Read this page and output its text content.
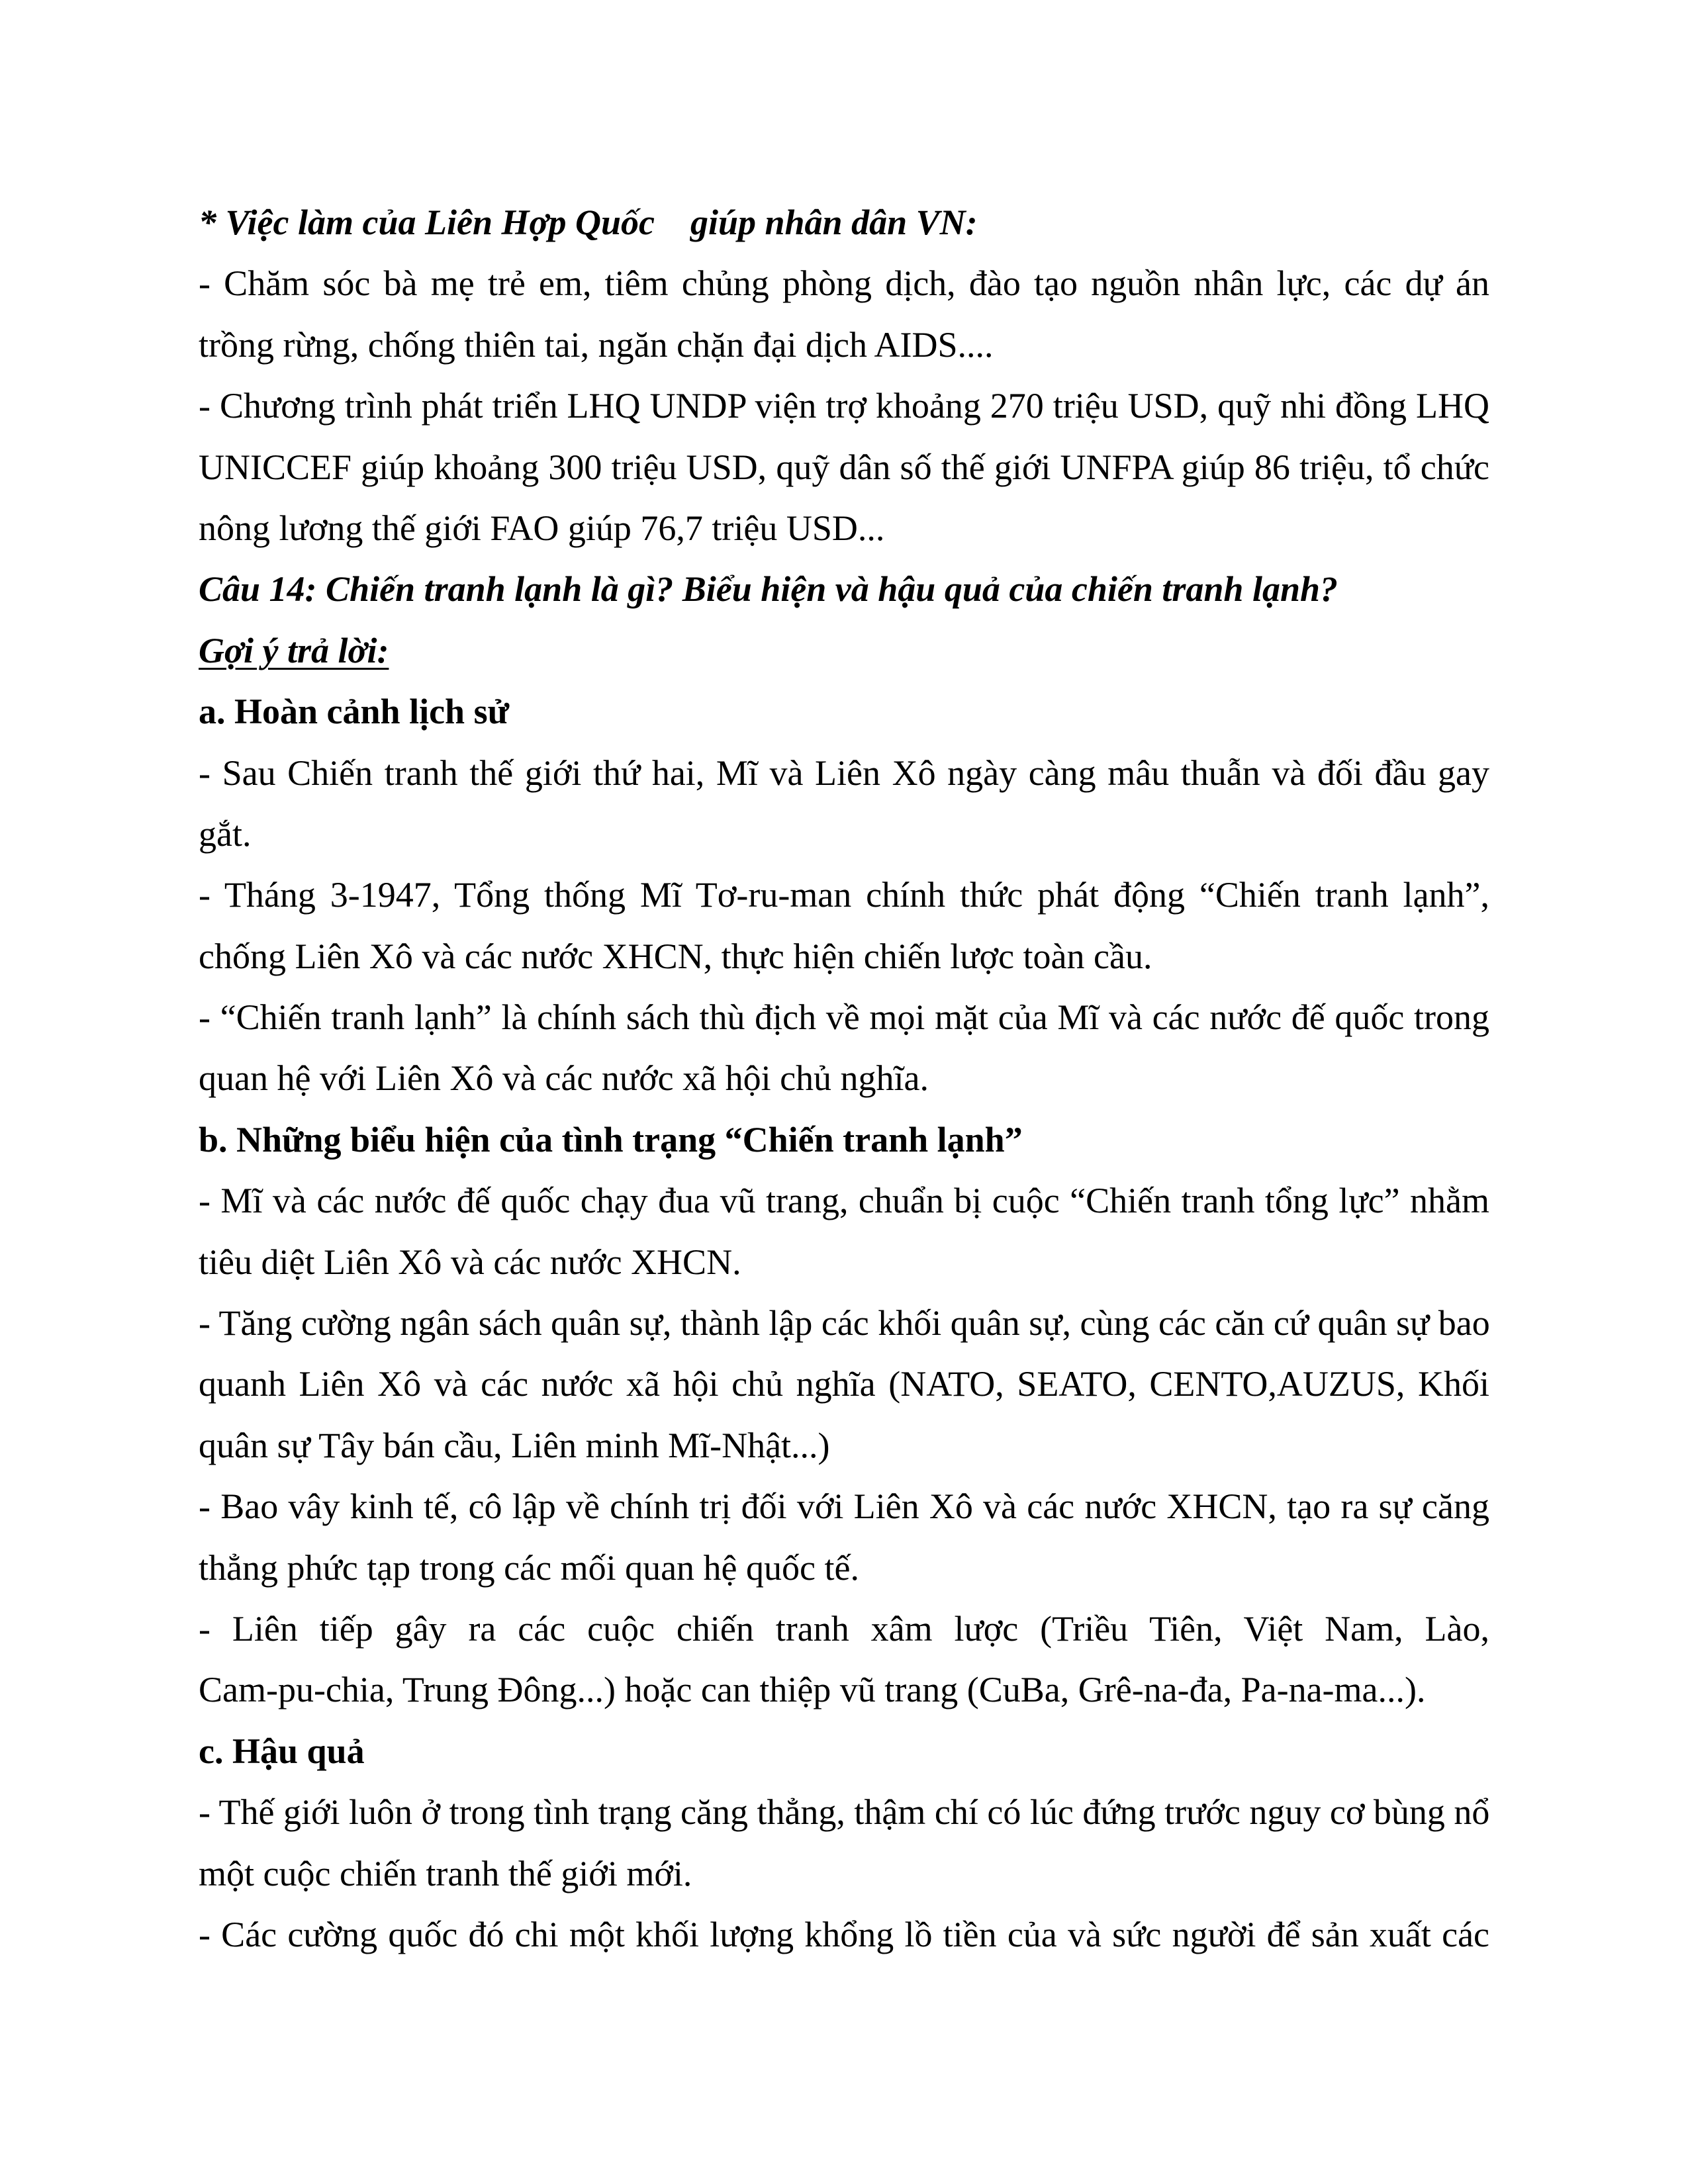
* Việc làm của Liên Hợp Quốc    giúp nhân dân VN:

- Chăm sóc bà mẹ trẻ em, tiêm chủng phòng dịch, đào tạo nguồn nhân lực, các dự án

trồng rừng, chống thiên tai, ngăn chặn đại dịch AIDS....

- Chương trình phát triển LHQ UNDP viện trợ khoảng 270 triệu USD, quỹ nhi đồng LHQ

UNICCEF giúp khoảng 300 triệu USD, quỹ dân số thế giới UNFPA giúp 86 triệu, tổ chức

nông lương thế giới FAO giúp 76,7 triệu USD...

Câu 14: Chiến tranh lạnh là gì? Biểu hiện và hậu quả của chiến tranh lạnh?

Gợi ý trả lời:

a. Hoàn cảnh lịch sử

- Sau Chiến tranh thế giới thứ hai, Mĩ và Liên Xô ngày càng mâu thuẫn và đối đầu gay

gắt.

- Tháng 3-1947, Tổng thống Mĩ Tơ-ru-man chính thức phát động “Chiến tranh lạnh”,

chống Liên Xô và các nước XHCN, thực hiện chiến lược toàn cầu.

- “Chiến tranh lạnh” là chính sách thù địch về mọi mặt của Mĩ và các nước đế quốc trong

quan hệ với Liên Xô và các nước xã hội chủ nghĩa.

b. Những biểu hiện của tình trạng “Chiến tranh lạnh”

- Mĩ và các nước đế quốc chạy đua vũ trang, chuẩn bị cuộc “Chiến tranh tổng lực” nhằm

tiêu diệt Liên Xô và các nước XHCN.

- Tăng cường ngân sách quân sự, thành lập các khối quân sự, cùng các căn cứ quân sự bao

quanh Liên Xô và các nước xã hội chủ nghĩa (NATO, SEATO, CENTO,AUZUS, Khối

quân sự Tây bán cầu, Liên minh Mĩ-Nhật...)

- Bao vây kinh tế, cô lập về chính trị đối với Liên Xô và các nước XHCN, tạo ra sự căng

thẳng phức tạp trong các mối quan hệ quốc tế.

- Liên tiếp gây ra các cuộc chiến tranh xâm lược (Triều Tiên, Việt Nam, Lào,

Cam-pu-chia, Trung Đông...) hoặc can thiệp vũ trang (CuBa, Grê-na-đa, Pa-na-ma...).

c. Hậu quả

- Thế giới luôn ở trong tình trạng căng thẳng, thậm chí có lúc đứng trước nguy cơ bùng nổ

một cuộc chiến tranh thế giới mới.

- Các cường quốc đó chi một khối lượng khổng lồ tiền của và sức người để sản xuất các
